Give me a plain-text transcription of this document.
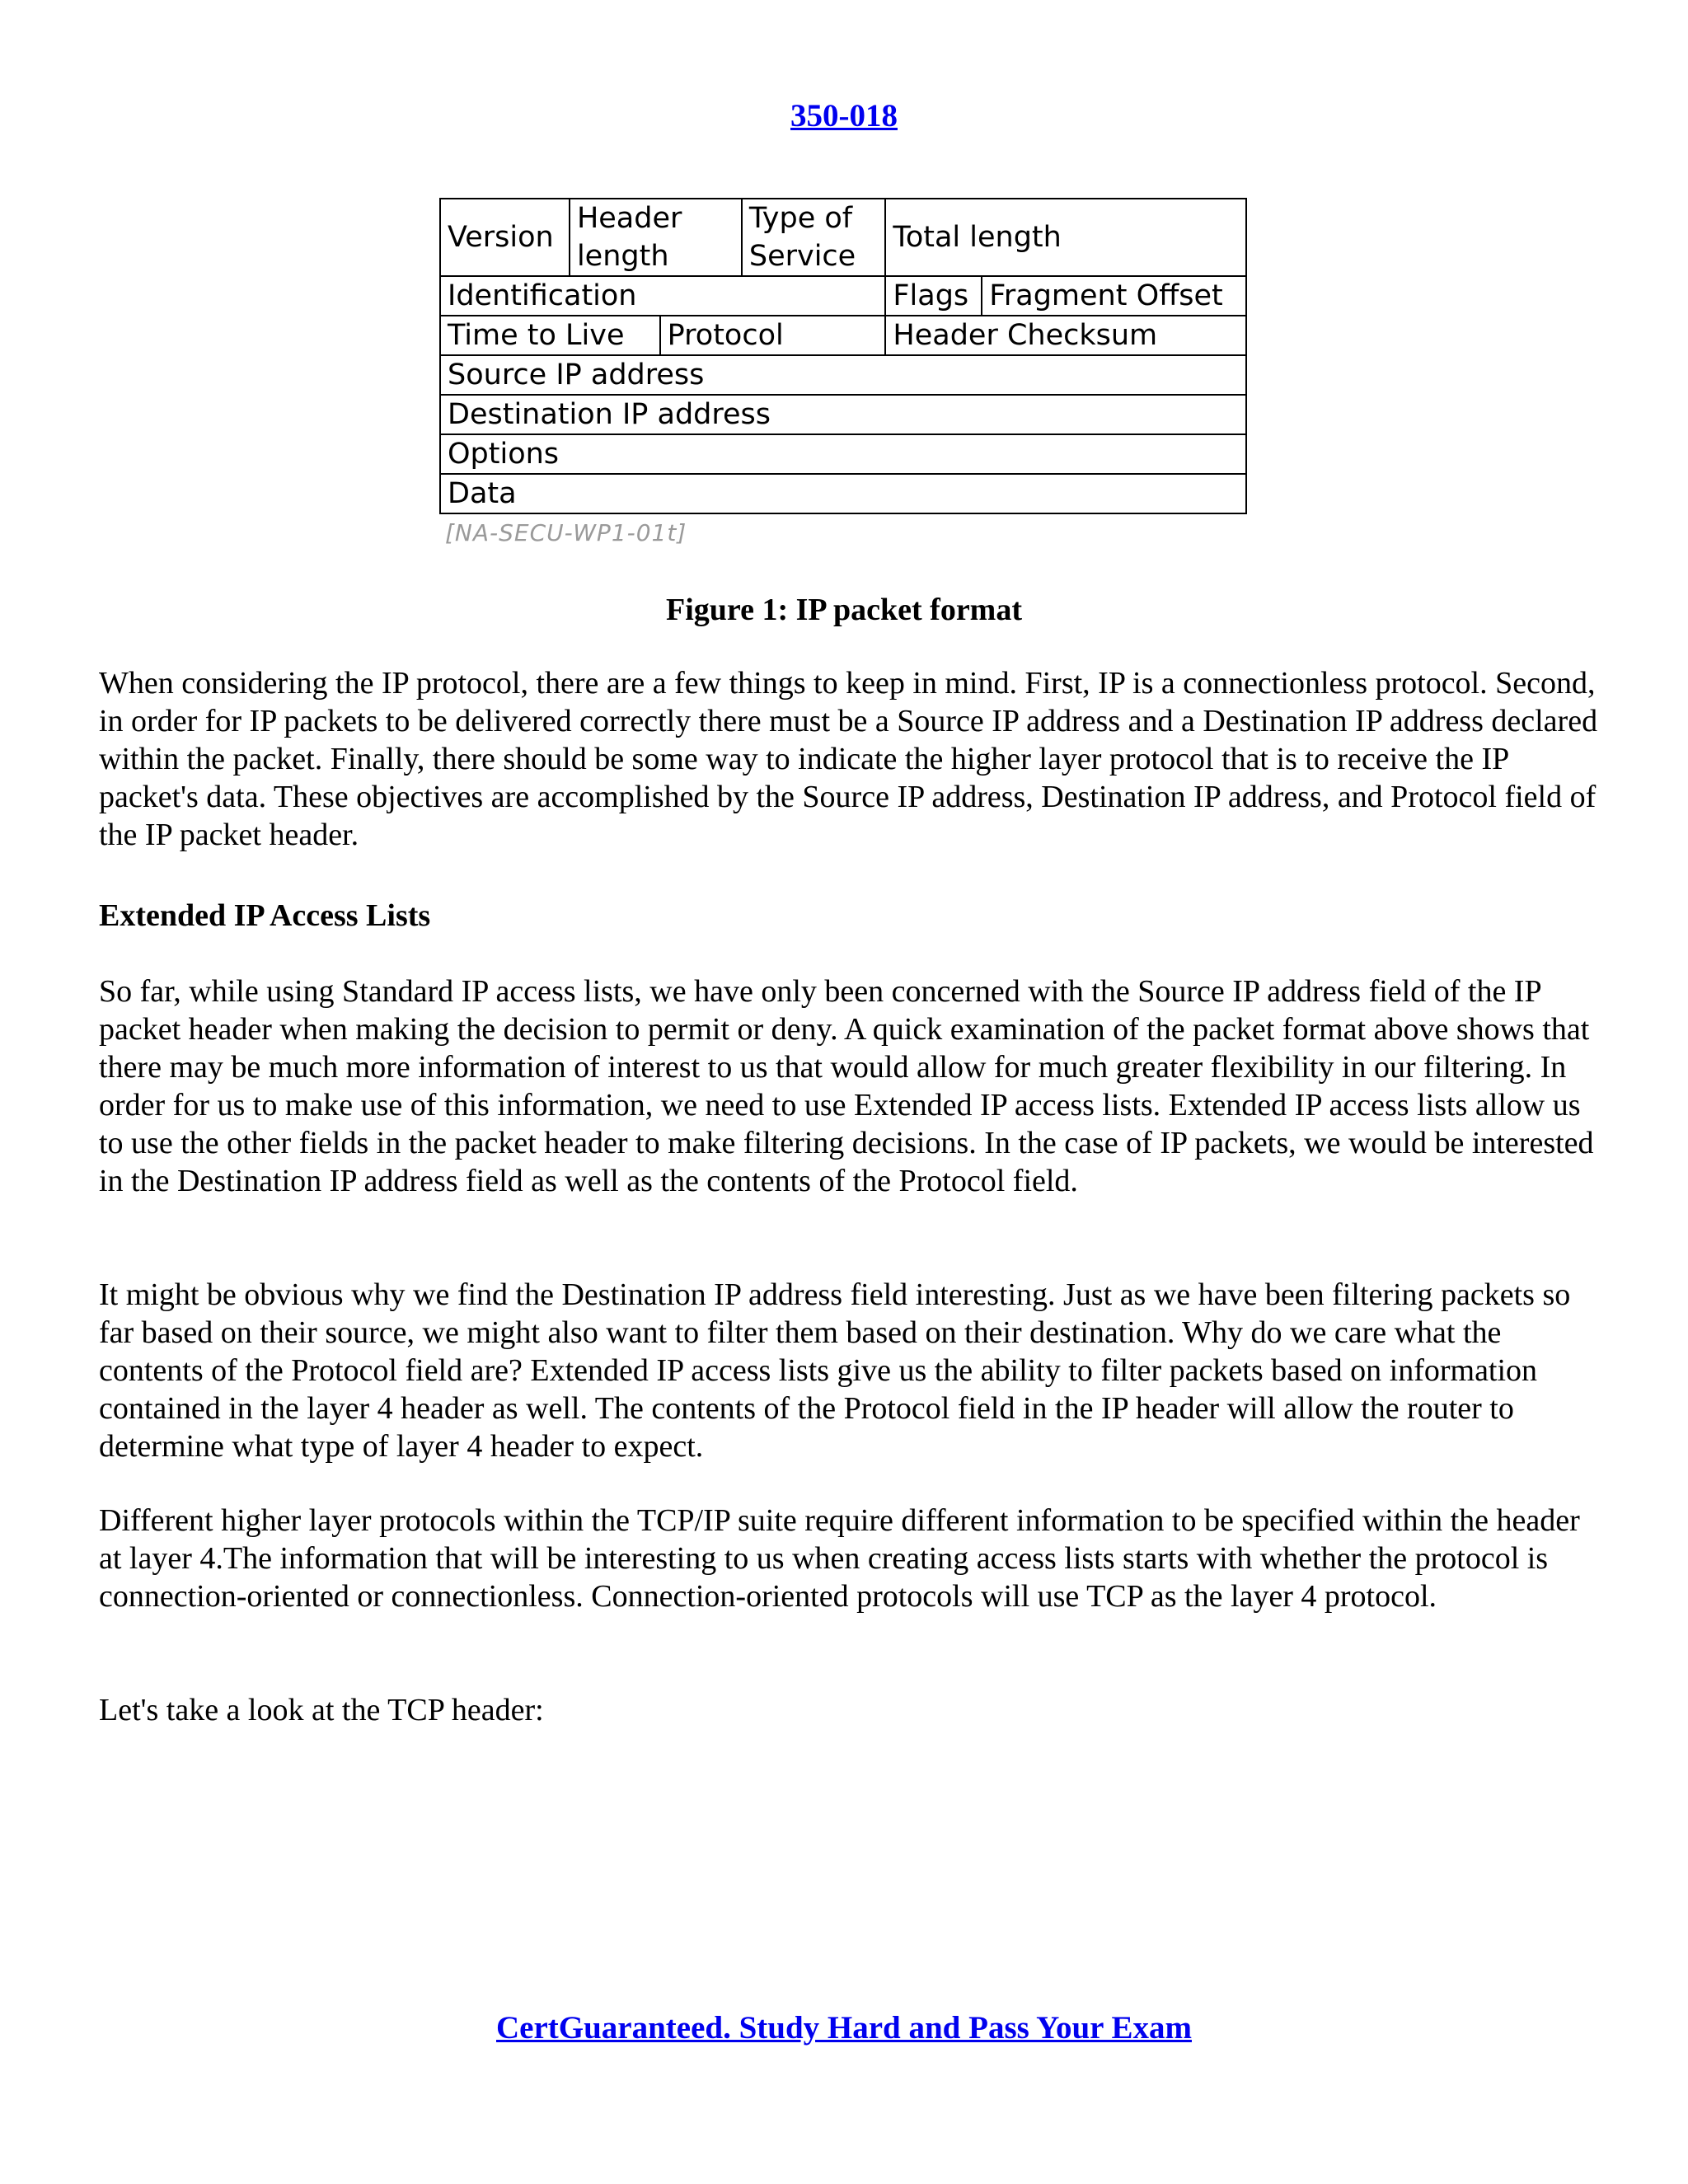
350-018
Version	Header length		Type of Service	Total length	
Identification				Flags	Fragment Offset
Time to Live		Protocol		Header Checksum	
Source IP address					
Destination IP address					
Options					
Data					
[NA-SECU-WP1-01t]
Figure 1: IP packet format

When considering the IP protocol, there are a few things to keep in mind. First, IP is a connectionless protocol. Second, in order for IP packets to be delivered correctly there must be a Source IP address and a Destination IP address declared within the packet. Finally, there should be some way to indicate the higher layer protocol that is to receive the IP packet's data. These objectives are accomplished by the Source IP address, Destination IP address, and Protocol field of the IP packet header.

Extended IP Access Lists

So far, while using Standard IP access lists, we have only been concerned with the Source IP address field of the IP packet header when making the decision to permit or deny. A quick examination of the packet format above shows that there may be much more information of interest to us that would allow for much greater flexibility in our filtering. In order for us to make use of this information, we need to use Extended IP access lists. Extended IP access lists allow us to use the other fields in the packet header to make filtering decisions. In the case of IP packets, we would be interested in the Destination IP address field as well as the contents of the Protocol field.

It might be obvious why we find the Destination IP address field interesting. Just as we have been filtering packets so far based on their source, we might also want to filter them based on their destination. Why do we care what the contents of the Protocol field are? Extended IP access lists give us the ability to filter packets based on information contained in the layer 4 header as well. The contents of the Protocol field in the IP header will allow the router to determine what type of layer 4 header to expect.

Different higher layer protocols within the TCP/IP suite require different information to be specified within the header at layer 4.The information that will be interesting to us when creating access lists starts with whether the protocol is connection-oriented or connectionless. Connection-oriented protocols will use TCP as the layer 4 protocol.

Let's take a look at the TCP header:

CertGuaranteed. Study Hard and Pass Your Exam
